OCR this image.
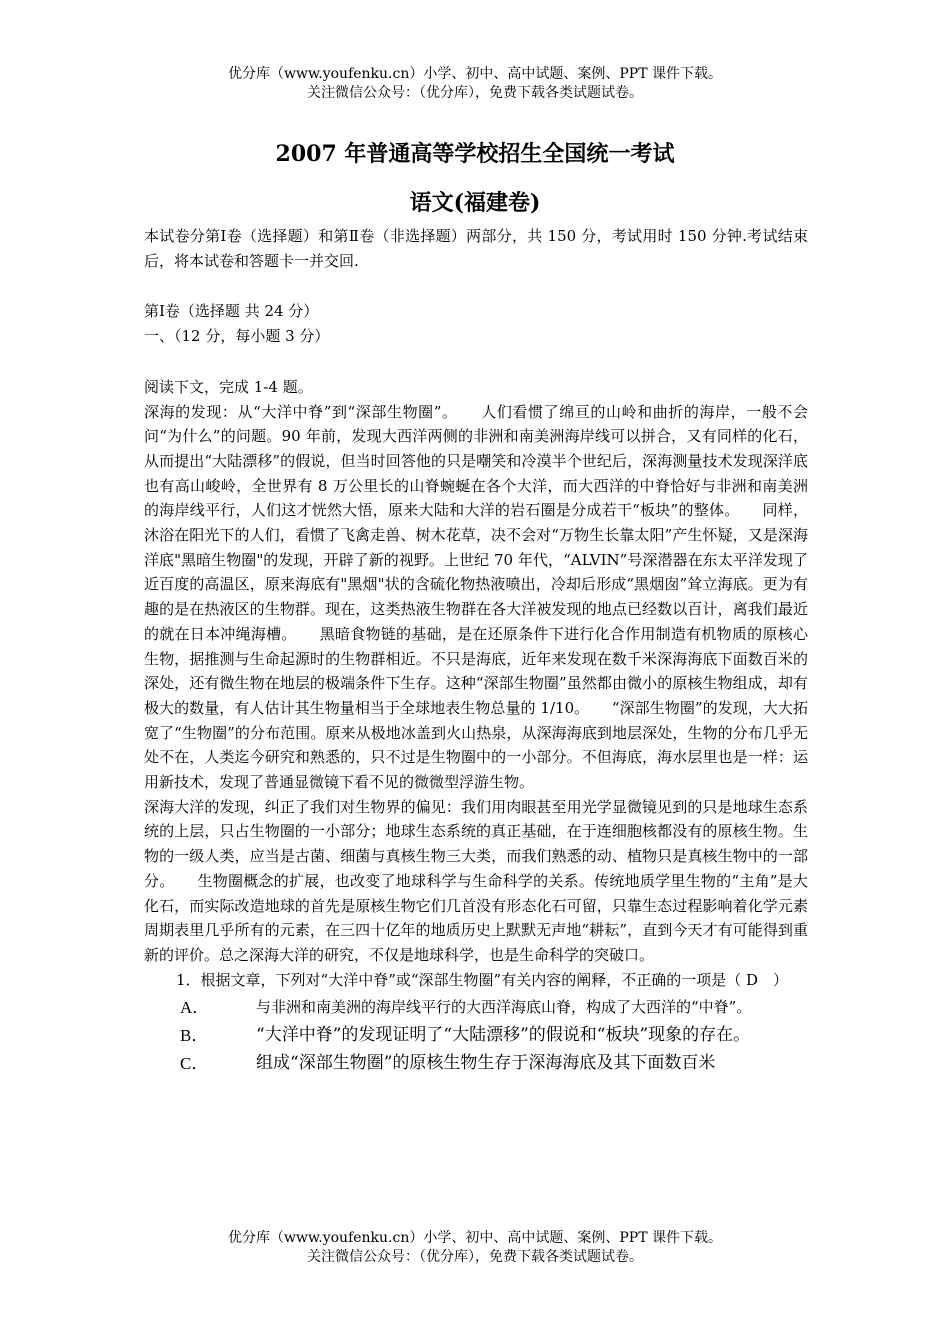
优分库（www.youfenku.cn）小学、初中、高中试题、案例、PPT 课件下载。
关注微信公众号：（优分库），免费下载各类试题试卷。
2007 年普通高等学校招生全国统一考试
语文(福建卷)

本试卷分第Ⅰ卷（选择题）和第Ⅱ卷（非选择题）两部分，共 150 分，考试用时 150 分钟.考试结束后，将本试卷和答题卡一并交回.

第Ⅰ卷（选择题 共 24 分）

一、（12 分，每小题 3 分）

阅读下文，完成 1-4 题。

深海的发现：从“大洋中脊”到“深部生物圈”。　　人们看惯了绵亘的山岭和曲折的海岸，一般不会问“为什么”的问题。90 年前，发现大西洋两侧的非洲和南美洲海岸线可以拼合，又有同样的化石，从而提出“大陆漂移”的假说，但当时回答他的只是嘲笑和冷漠半个世纪后，深海测量技术发现深洋底也有高山峻岭，全世界有 8 万公里长的山脊蜿蜒在各个大洋，而大西洋的中脊恰好与非洲和南美洲的海岸线平行，人们这才恍然大悟，原来大陆和大洋的岩石圈是分成若干“板块”的整体。　　同样，沐浴在阳光下的人们，看惯了飞禽走兽、树木花草，决不会对“万物生长靠太阳”产生怀疑，又是深海洋底"黑暗生物圈"的发现，开辟了新的视野。上世纪 70 年代，“ALVIN”号深潜器在东太平洋发现了近百度的高温区，原来海底有"黑烟"状的含硫化物热液喷出，冷却后形成“黑烟囱”耸立海底。更为有趣的是在热液区的生物群。现在，这类热液生物群在各大洋被发现的地点已经数以百计，离我们最近的就在日本冲绳海槽。　　黑暗食物链的基础，是在还原条件下进行化合作用制造有机物质的原核心生物，据推测与生命起源时的生物群相近。不只是海底，近年来发现在数千米深海海底下面数百米的深处，还有微生物在地层的极端条件下生存。这种“深部生物圈”虽然都由微小的原核生物组成，却有极大的数量，有人估计其生物量相当于全球地表生物总量的 1/10。　　“深部生物圈”的发现，大大拓宽了“生物圈”的分布范围。原来从极地冰盖到火山热泉，从深海海底到地层深处，生物的分布几乎无处不在，人类迄今研究和熟悉的，只不过是生物圈中的一小部分。不但海底，海水层里也是一样：运用新技术，发现了普通显微镜下看不见的微微型浮游生物。

深海大洋的发现，纠正了我们对生物界的偏见：我们用肉眼甚至用光学显微镜见到的只是地球生态系统的上层，只占生物圈的一小部分；地球生态系统的真正基础，在于连细胞核都没有的原核生物。生物的一级人类，应当是古菌、细菌与真核生物三大类，而我们熟悉的动、植物只是真核生物中的一部分。　　生物圈概念的扩展，也改变了地球科学与生命科学的关系。传统地质学里生物的“主角”是大化石，而实际改造地球的首先是原核生物它们几首没有形态化石可留，只靠生态过程影响着化学元素周期表里几乎所有的元素，在三四十亿年的地质历史上默默无声地“耕耘”，直到今天才有可能得到重新的评价。总之深海大洋的研究，不仅是地球科学，也是生命科学的突破口。

1．根据文章，下列对“大洋中脊”或“深部生物圈”有关内容的阐释，不正确的一项是（ D　）

A．	与非洲和南美洲的海岸线平行的大西洋海底山脊，构成了大西洋的“中脊”。
B．	“大洋中脊”的发现证明了“大陆漂移”的假说和“板块”现象的存在。
C．	组成“深部生物圈”的原核生物生存于深海海底及其下面数百米
优分库（www.youfenku.cn）小学、初中、高中试题、案例、PPT 课件下载。
关注微信公众号：（优分库），免费下载各类试题试卷。
